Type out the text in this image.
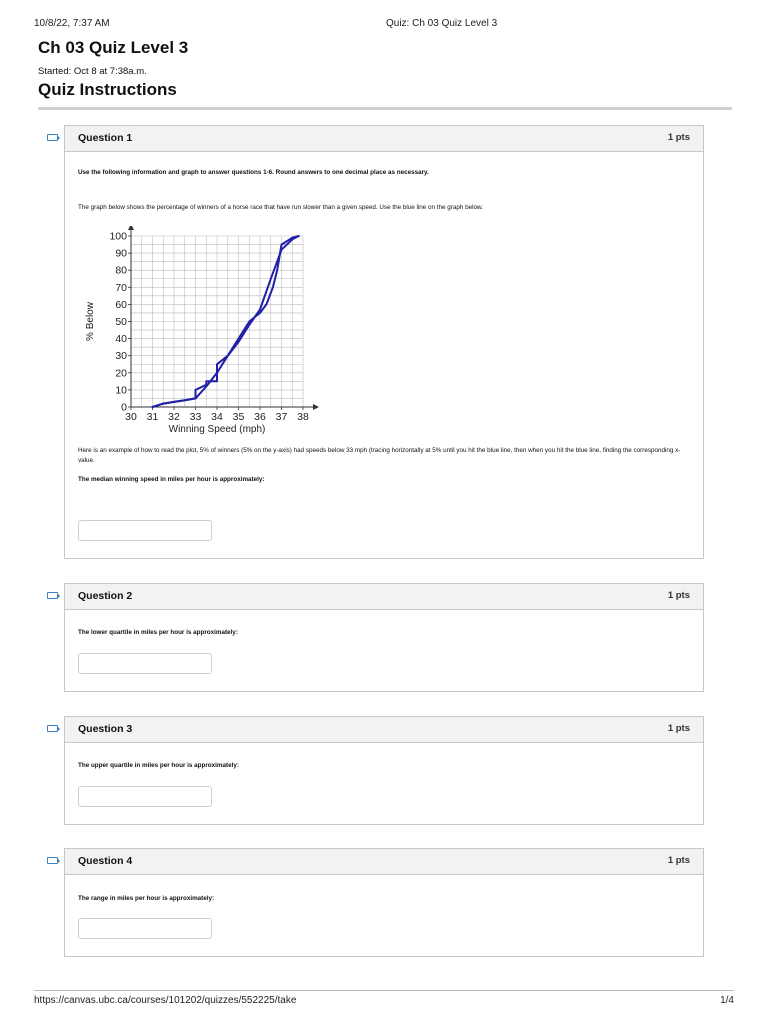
10/8/22, 7:37 AM	Quiz: Ch 03 Quiz Level 3
Ch 03 Quiz Level 3
Started: Oct 8 at 7:38a.m.
Quiz Instructions
Question 1	1 pts
Use the following information and graph to answer questions 1-6. Round answers to one decimal place as necessary.
The graph below shows the percentage of winners of a horse race that have run slower than a given speed. Use the blue line on the graph below.
30 31 32 33 34 35 36 37 38
0
10
20
30
40
50
60
70
80
90
100
Winning Speed (mph)
% Below
Here is an example of how to read the plot, 5% of winners (5% on the y-axis) had speeds below 33 mph (tracing horizontally at 5% until you hit the blue line, then when you hit the blue line, finding the corresponding x-value.
The median winning speed in miles per hour is approximately:
Question 2	1 pts
The lower quartile in miles per hour is approximately:
Question 3	1 pts
The upper quartile in miles per hour is approximately:
Question 4	1 pts
The range in miles per hour is approximately:
https://canvas.ubc.ca/courses/101202/quizzes/552225/take	1/4
